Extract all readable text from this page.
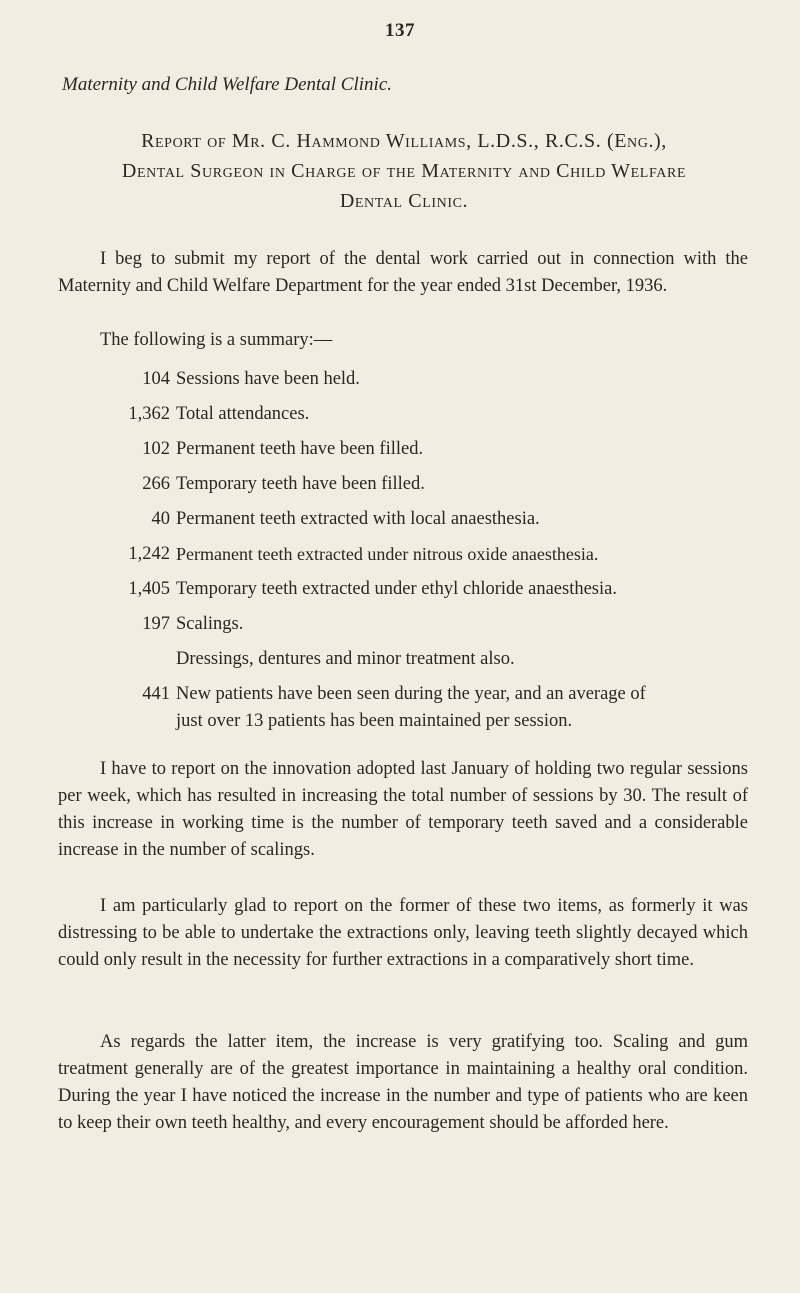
137
Maternity and Child Welfare Dental Clinic.
Report of Mr. C. Hammond Williams, L.D.S., R.C.S. (Eng.),
Dental Surgeon in Charge of the Maternity and Child Welfare
Dental Clinic.

I beg to submit my report of the dental work carried out in connection with the Maternity and Child Welfare Department for the year ended 31st December, 1936.

The following is a summary:—
104 Sessions have been held.
1,362 Total attendances.
102 Permanent teeth have been filled.
266 Temporary teeth have been filled.
40 Permanent teeth extracted with local anaesthesia.
1,242 Permanent teeth extracted under nitrous oxide anaesthesia.
1,405 Temporary teeth extracted under ethyl chloride anaesthesia.
197 Scalings.
Dressings, dentures and minor treatment also.
441 New patients have been seen during the year, and an average of just over 13 patients has been maintained per session.

I have to report on the innovation adopted last January of holding two regular sessions per week, which has resulted in increasing the total number of sessions by 30. The result of this increase in working time is the number of temporary teeth saved and a considerable increase in the number of scalings.

I am particularly glad to report on the former of these two items, as formerly it was distressing to be able to undertake the extractions only, leaving teeth slightly decayed which could only result in the necessity for further extractions in a comparatively short time.

As regards the latter item, the increase is very gratifying too. Scaling and gum treatment generally are of the greatest importance in maintaining a healthy oral condition. During the year I have noticed the increase in the number and type of patients who are keen to keep their own teeth healthy, and every encouragement should be afforded here.
